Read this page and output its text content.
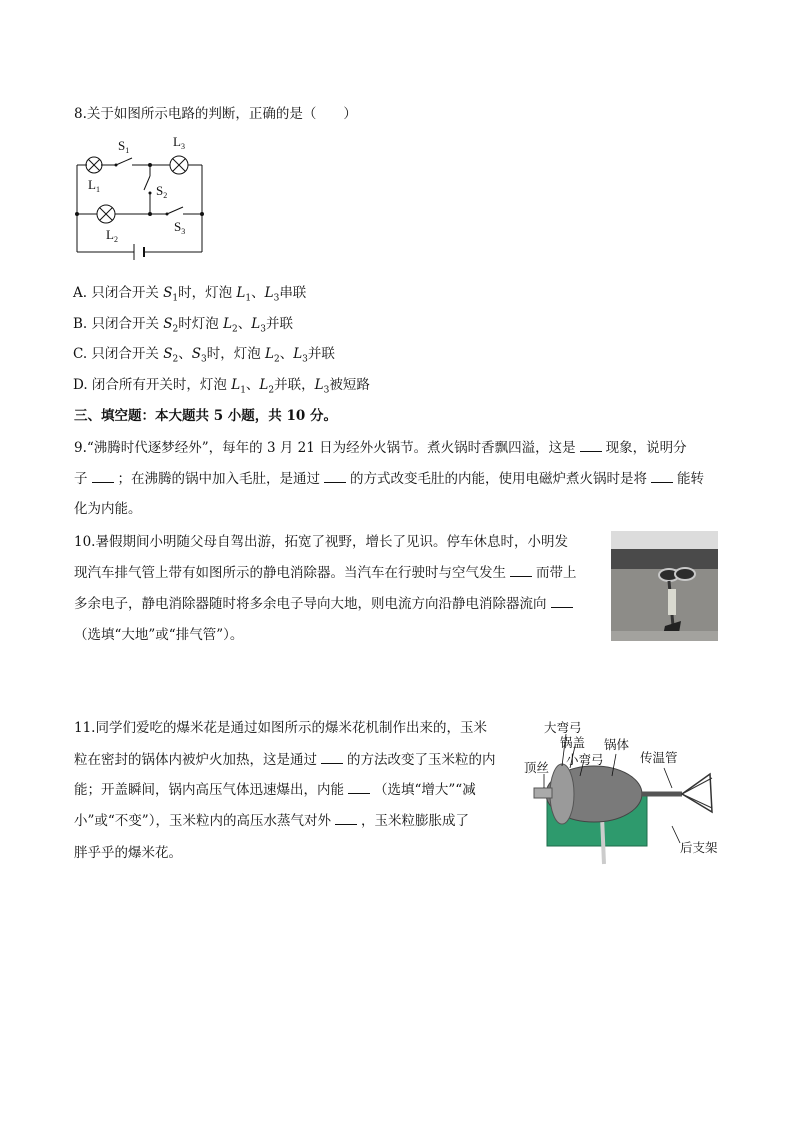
8.关于如图所示电路的判断，正确的是（　　）
$S_1$
$L_3$
$L_1$	$S_2$
$L_2$
$S_3$
A. 只闭合开关 $S_1$时，灯泡 $L_1$、$L_3$串联
B. 只闭合开关 $S_2$时灯泡 $L_2$、$L_3$并联
C. 只闭合开关 $S_2$、$S_3$时，灯泡 $L_2$、$L_3$并联
D. 闭合所有开关时，灯泡 $L_1$、$L_2$并联，$L_3$被短路
三、填空题：本大题共 5 小题，共 10 分。
9.“沸腾时代逐梦经外”，每年的 3 月 21 日为经外火锅节。煮火锅时香飘四溢，这是 现象，说明分
子 ；在沸腾的锅中加入毛肚，是通过 的方式改变毛肚的内能，使用电磁炉煮火锅时是将 能转
化为内能。
10.暑假期间小明随父母自驾出游，拓宽了视野，增长了见识。停车休息时，小明发
现汽车排气管上带有如图所示的静电消除器。当汽车在行驶时与空气发生 而带上
多余电子，静电消除器随时将多余电子导向大地，则电流方向沿静电消除器流向
（选填“大地”或“排气管”）。
11.同学们爱吃的爆米花是通过如图所示的爆米花机制作出来的，玉米
粒在密封的锅体内被炉火加热，这是通过 的方法改变了玉米粒的内
能；开盖瞬间，锅内高压气体迅速爆出，内能 （选填“增大”“减
小”或“不变”），玉米粒内的高压水蒸气对外 ，玉米粒膨胀成了
胖乎乎的爆米花。
大弯弓
锅盖
小弯弓
锅体
顶丝
传温管
后支架
